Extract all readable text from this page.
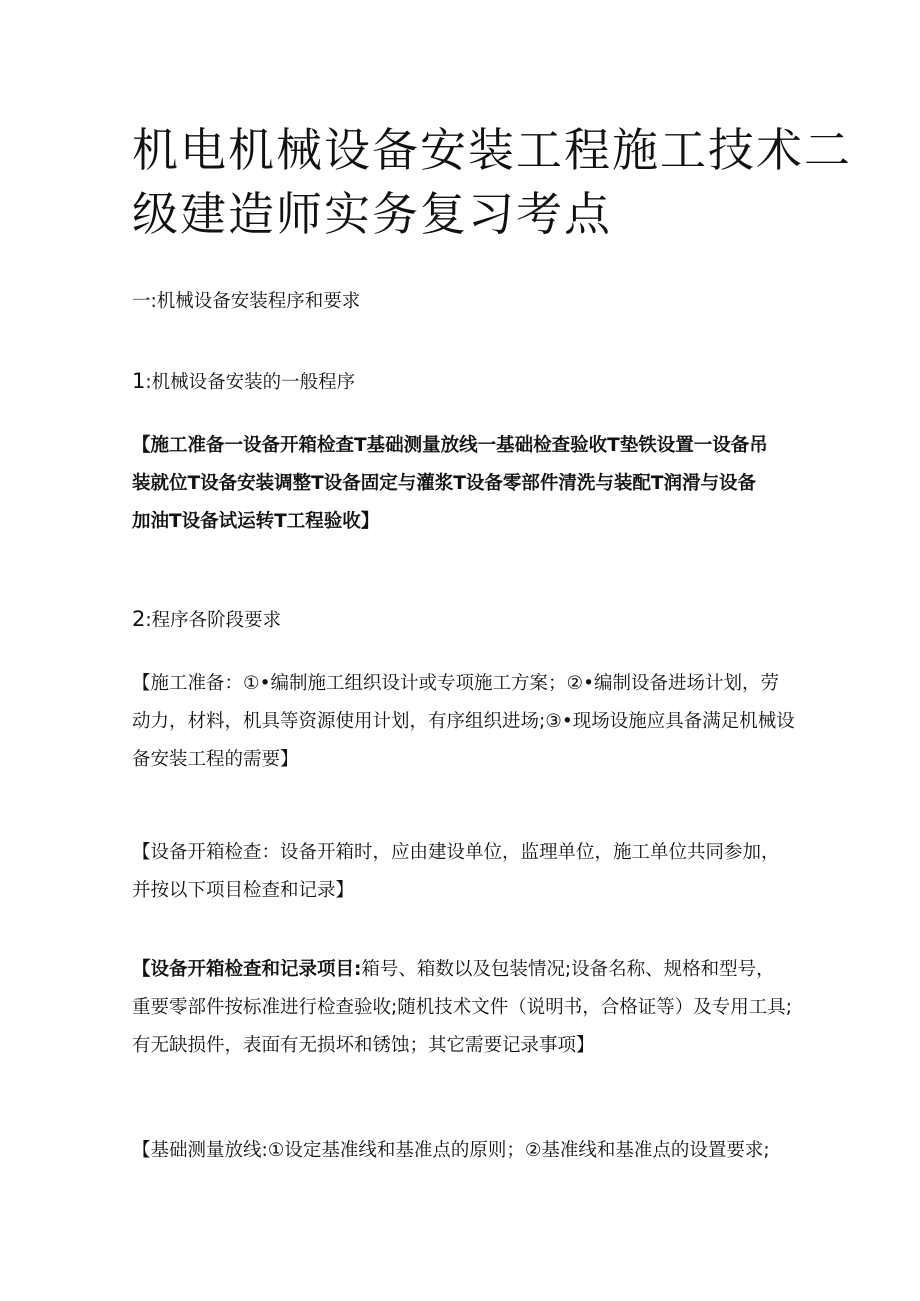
机电机械设备安装工程施工技术二
级建造师实务复习考点

一:机械设备安装程序和要求

1:机械设备安装的一般程序

【施工准备一设备开箱检查T基础测量放线一基础检查验收T垫铁设置一设备吊
装就位T设备安装调整T设备固定与灌浆T设备零部件清洗与装配T润滑与设备
加油T设备试运转T工程验收】

2:程序各阶段要求

【施工准备：①•编制施工组织设计或专项施工方案；②•编制设备进场计划，劳
动力，材料，机具等资源使用计划，有序组织进场;③•现场设施应具备满足机械设
备安装工程的需要】
【设备开箱检查：设备开箱时，应由建设单位，监理单位，施工单位共同参加，
并按以下项目检查和记录】
【设备开箱检查和记录项目:箱号、箱数以及包装情况;设备名称、规格和型号，
重要零部件按标准进行检查验收;随机技术文件（说明书，合格证等）及专用工具;
有无缺损件，表面有无损坏和锈蚀；其它需要记录事项】

【基础测量放线:①设定基准线和基准点的原则；②基准线和基准点的设置要求;
